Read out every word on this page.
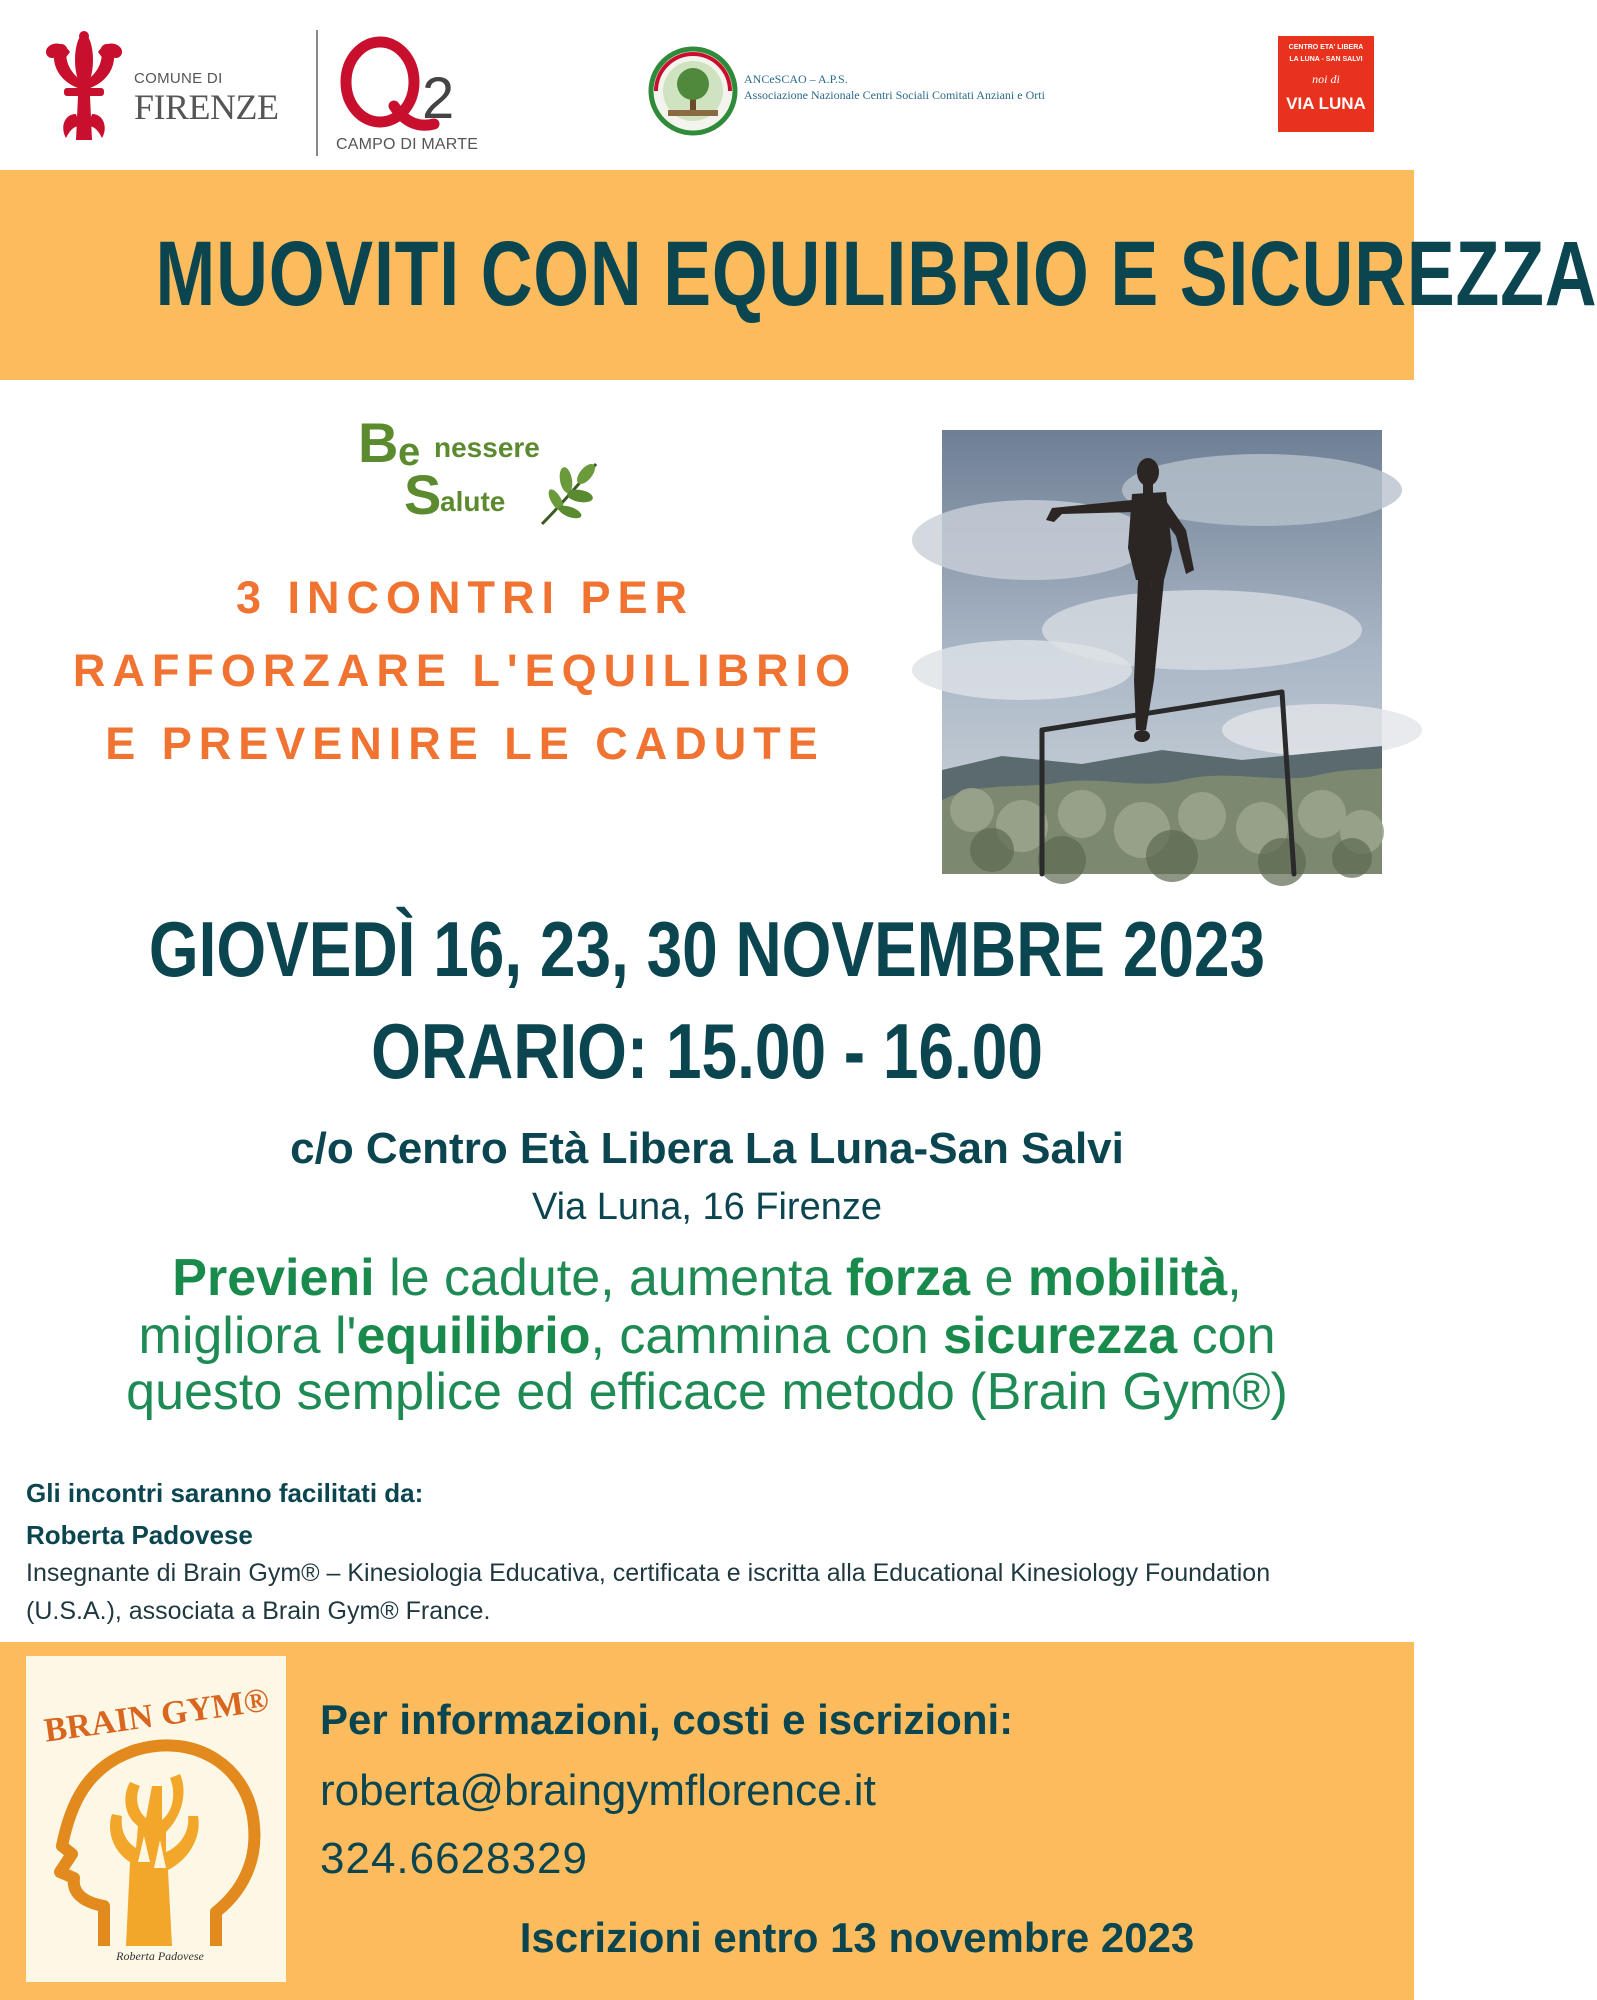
COMUNE DI
FIRENZE 2
CAMPO DI MARTE
ANCeSCAO – A.P.S.
Associazione Nazionale Centri Sociali Comitati Anziani e Orti
CENTRO ETA' LIBERA
LA LUNA - SAN SALVI
noi di
VIA LUNA
MUOVITI CON EQUILIBRIO E SICUREZZA
B e nessere
S
alute
3 INCONTRI PER
RAFFORZARE L'EQUILIBRIO
E PREVENIRE LE CADUTE
GIOVEDÌ 16, 23, 30 NOVEMBRE 2023
ORARIO: 15.00 - 16.00
c/o Centro Età Libera La Luna-San Salvi
Via Luna, 16 Firenze
Previeni le cadute, aumenta forza e mobilità,
migliora l'equilibrio, cammina con sicurezza con
questo semplice ed efficace metodo (Brain Gym®)
Gli incontri saranno facilitati da:
Roberta Padovese
Insegnante di Brain Gym® – Kinesiologia Educativa, certificata e iscritta alla Educational Kinesiology Foundation (U.S.A.), associata a Brain Gym® France.
BRAIN GYM®
Roberta Padovese
Per informazioni, costi e iscrizioni:
roberta@braingymflorence.it
324.6628329
Iscrizioni entro 13 novembre 2023
